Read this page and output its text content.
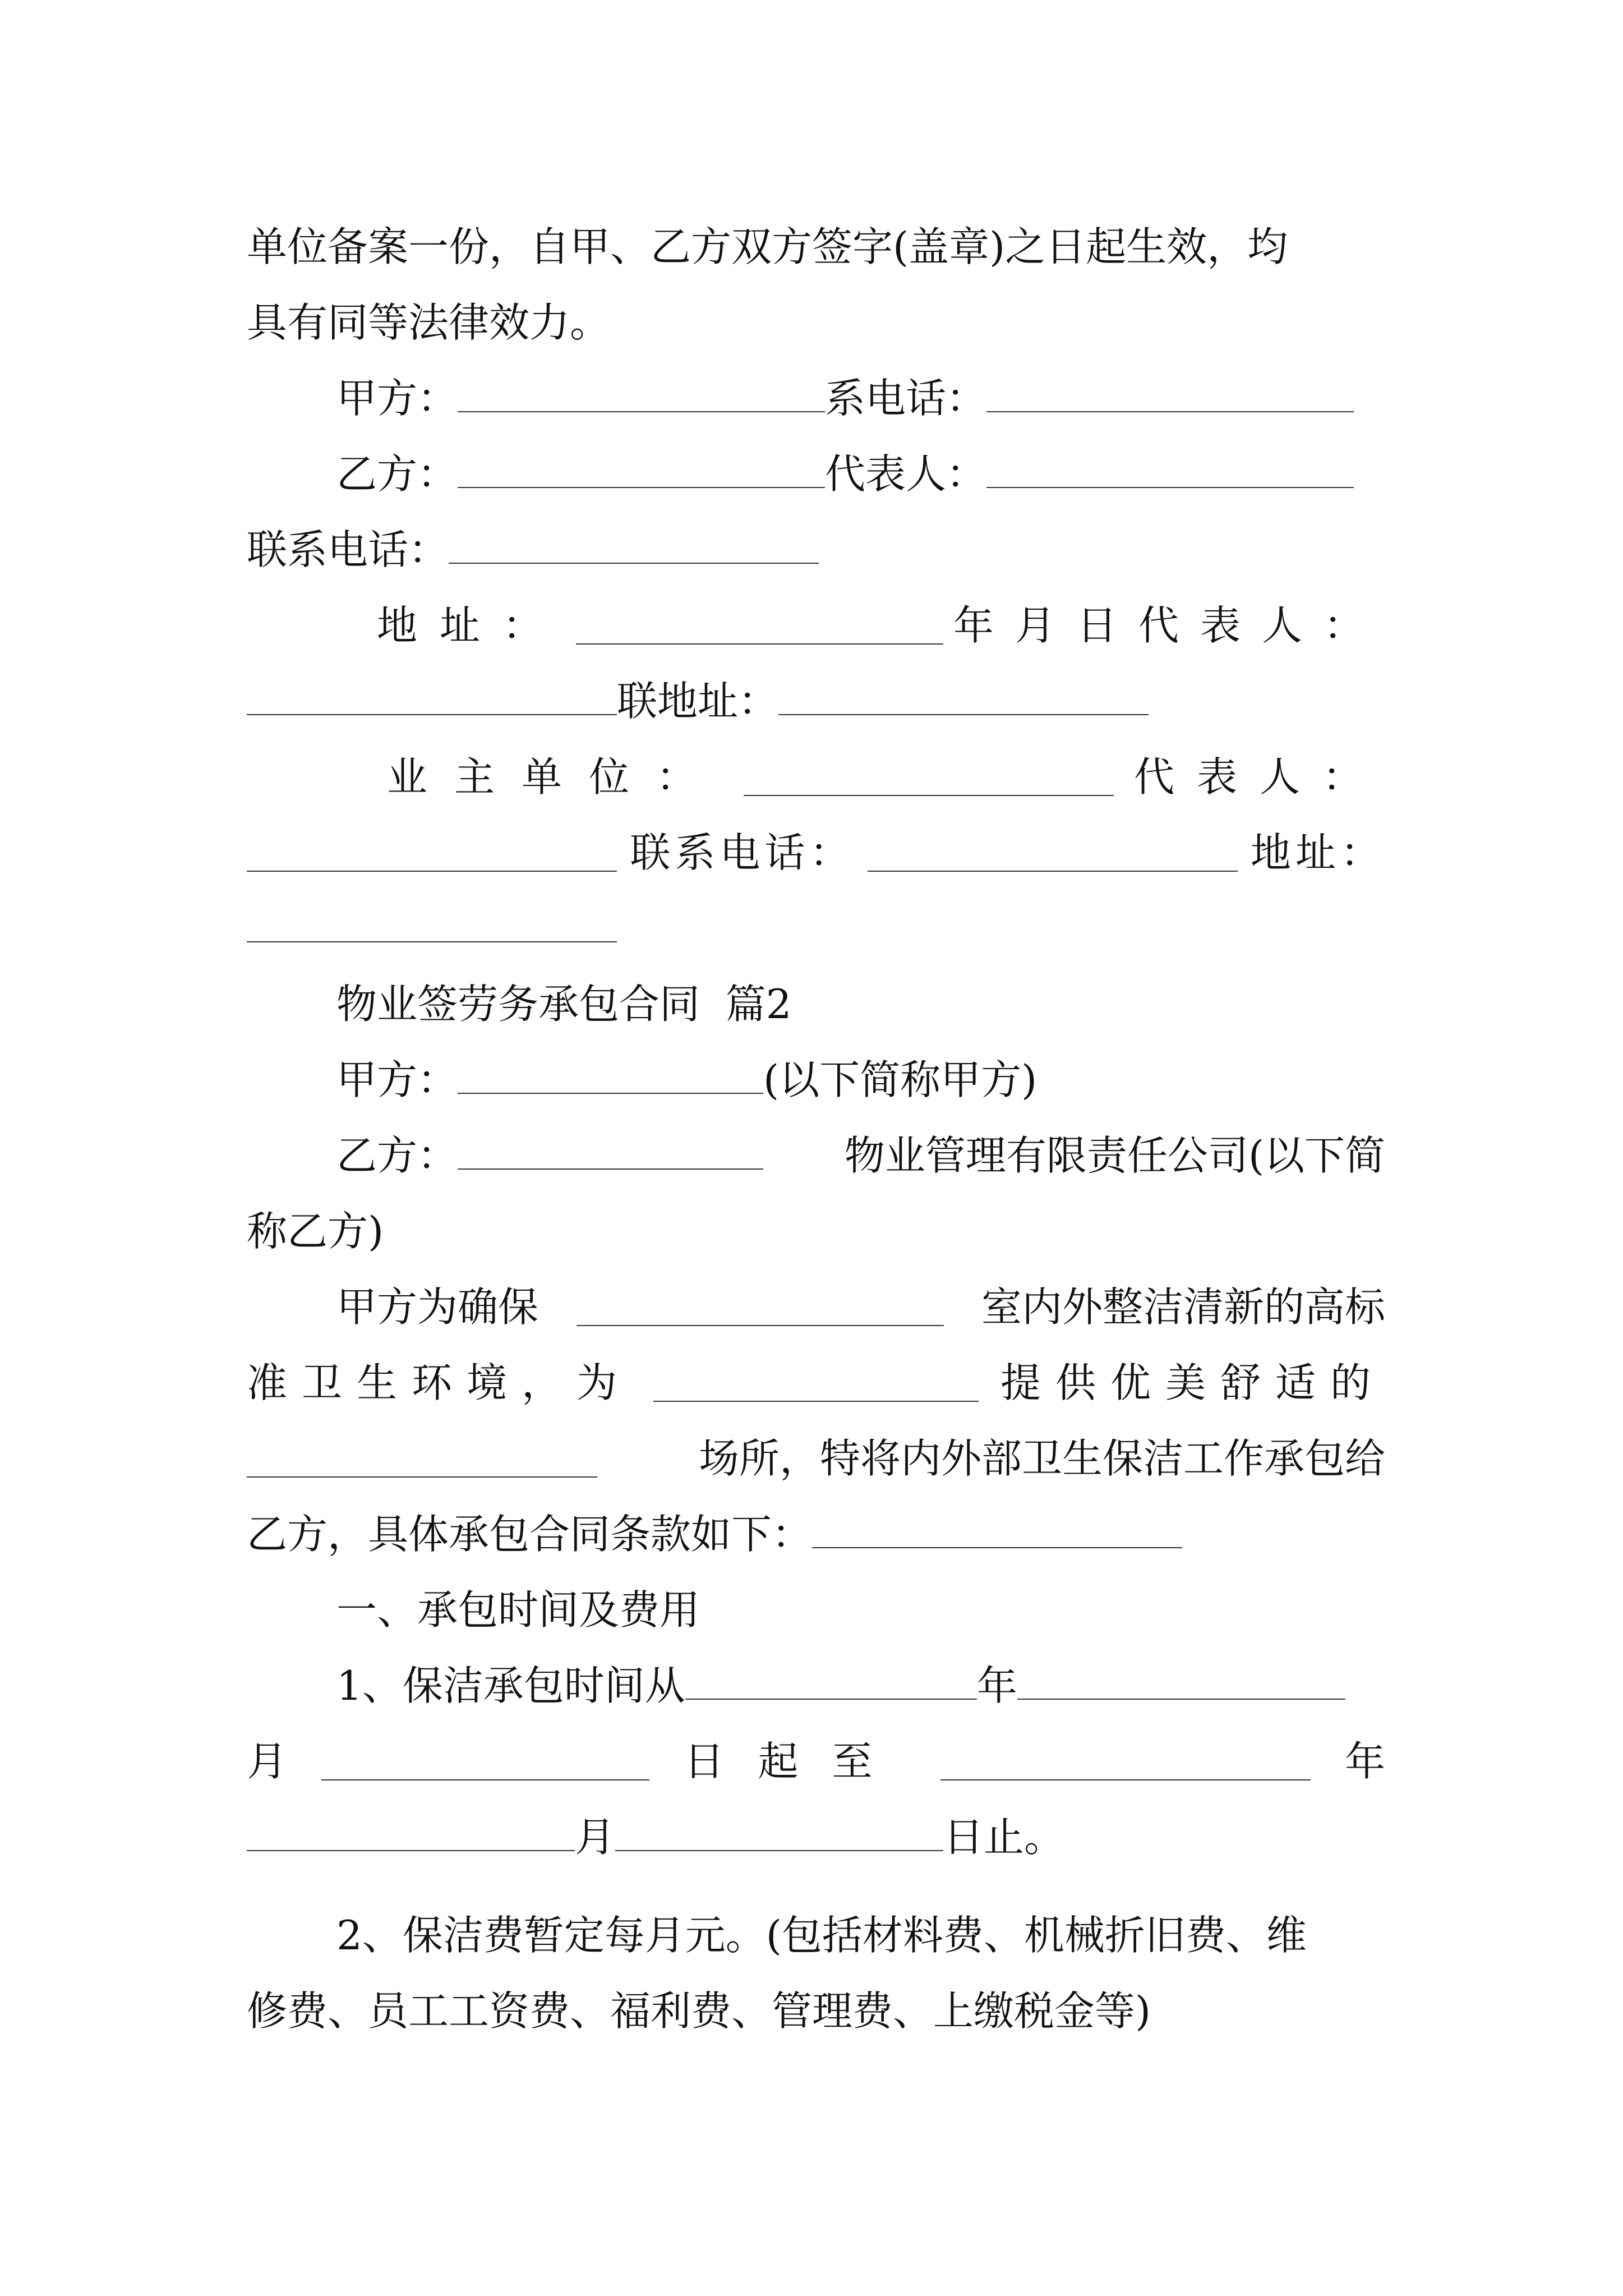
单位备案一份，自甲、乙方双方签字(盖章)之日起生效，均
具有同等法律效力。
甲方：	系电话：
乙方：	代表人：
联系电话：
地址：	年月日代表人：
联地址：
业主单位：	代表人：
联系电话：	地址：
物业签劳务承包合同  篇2
甲方：	(以下简称甲方)
乙方：	物业管理有限责任公司(以下简
称乙方)
甲方为确保	室内外整洁清新的高标
准卫生环境，为	提供优美舒适的
场所，特将内外部卫生保洁工作承包给
乙方，具体承包合同条款如下：
一、承包时间及费用
1、保洁承包时间从	年
月	日起至	年
月	日止。
2、保洁费暂定每月元。(包括材料费、机械折旧费、维
修费、员工工资费、福利费、管理费、上缴税金等)
